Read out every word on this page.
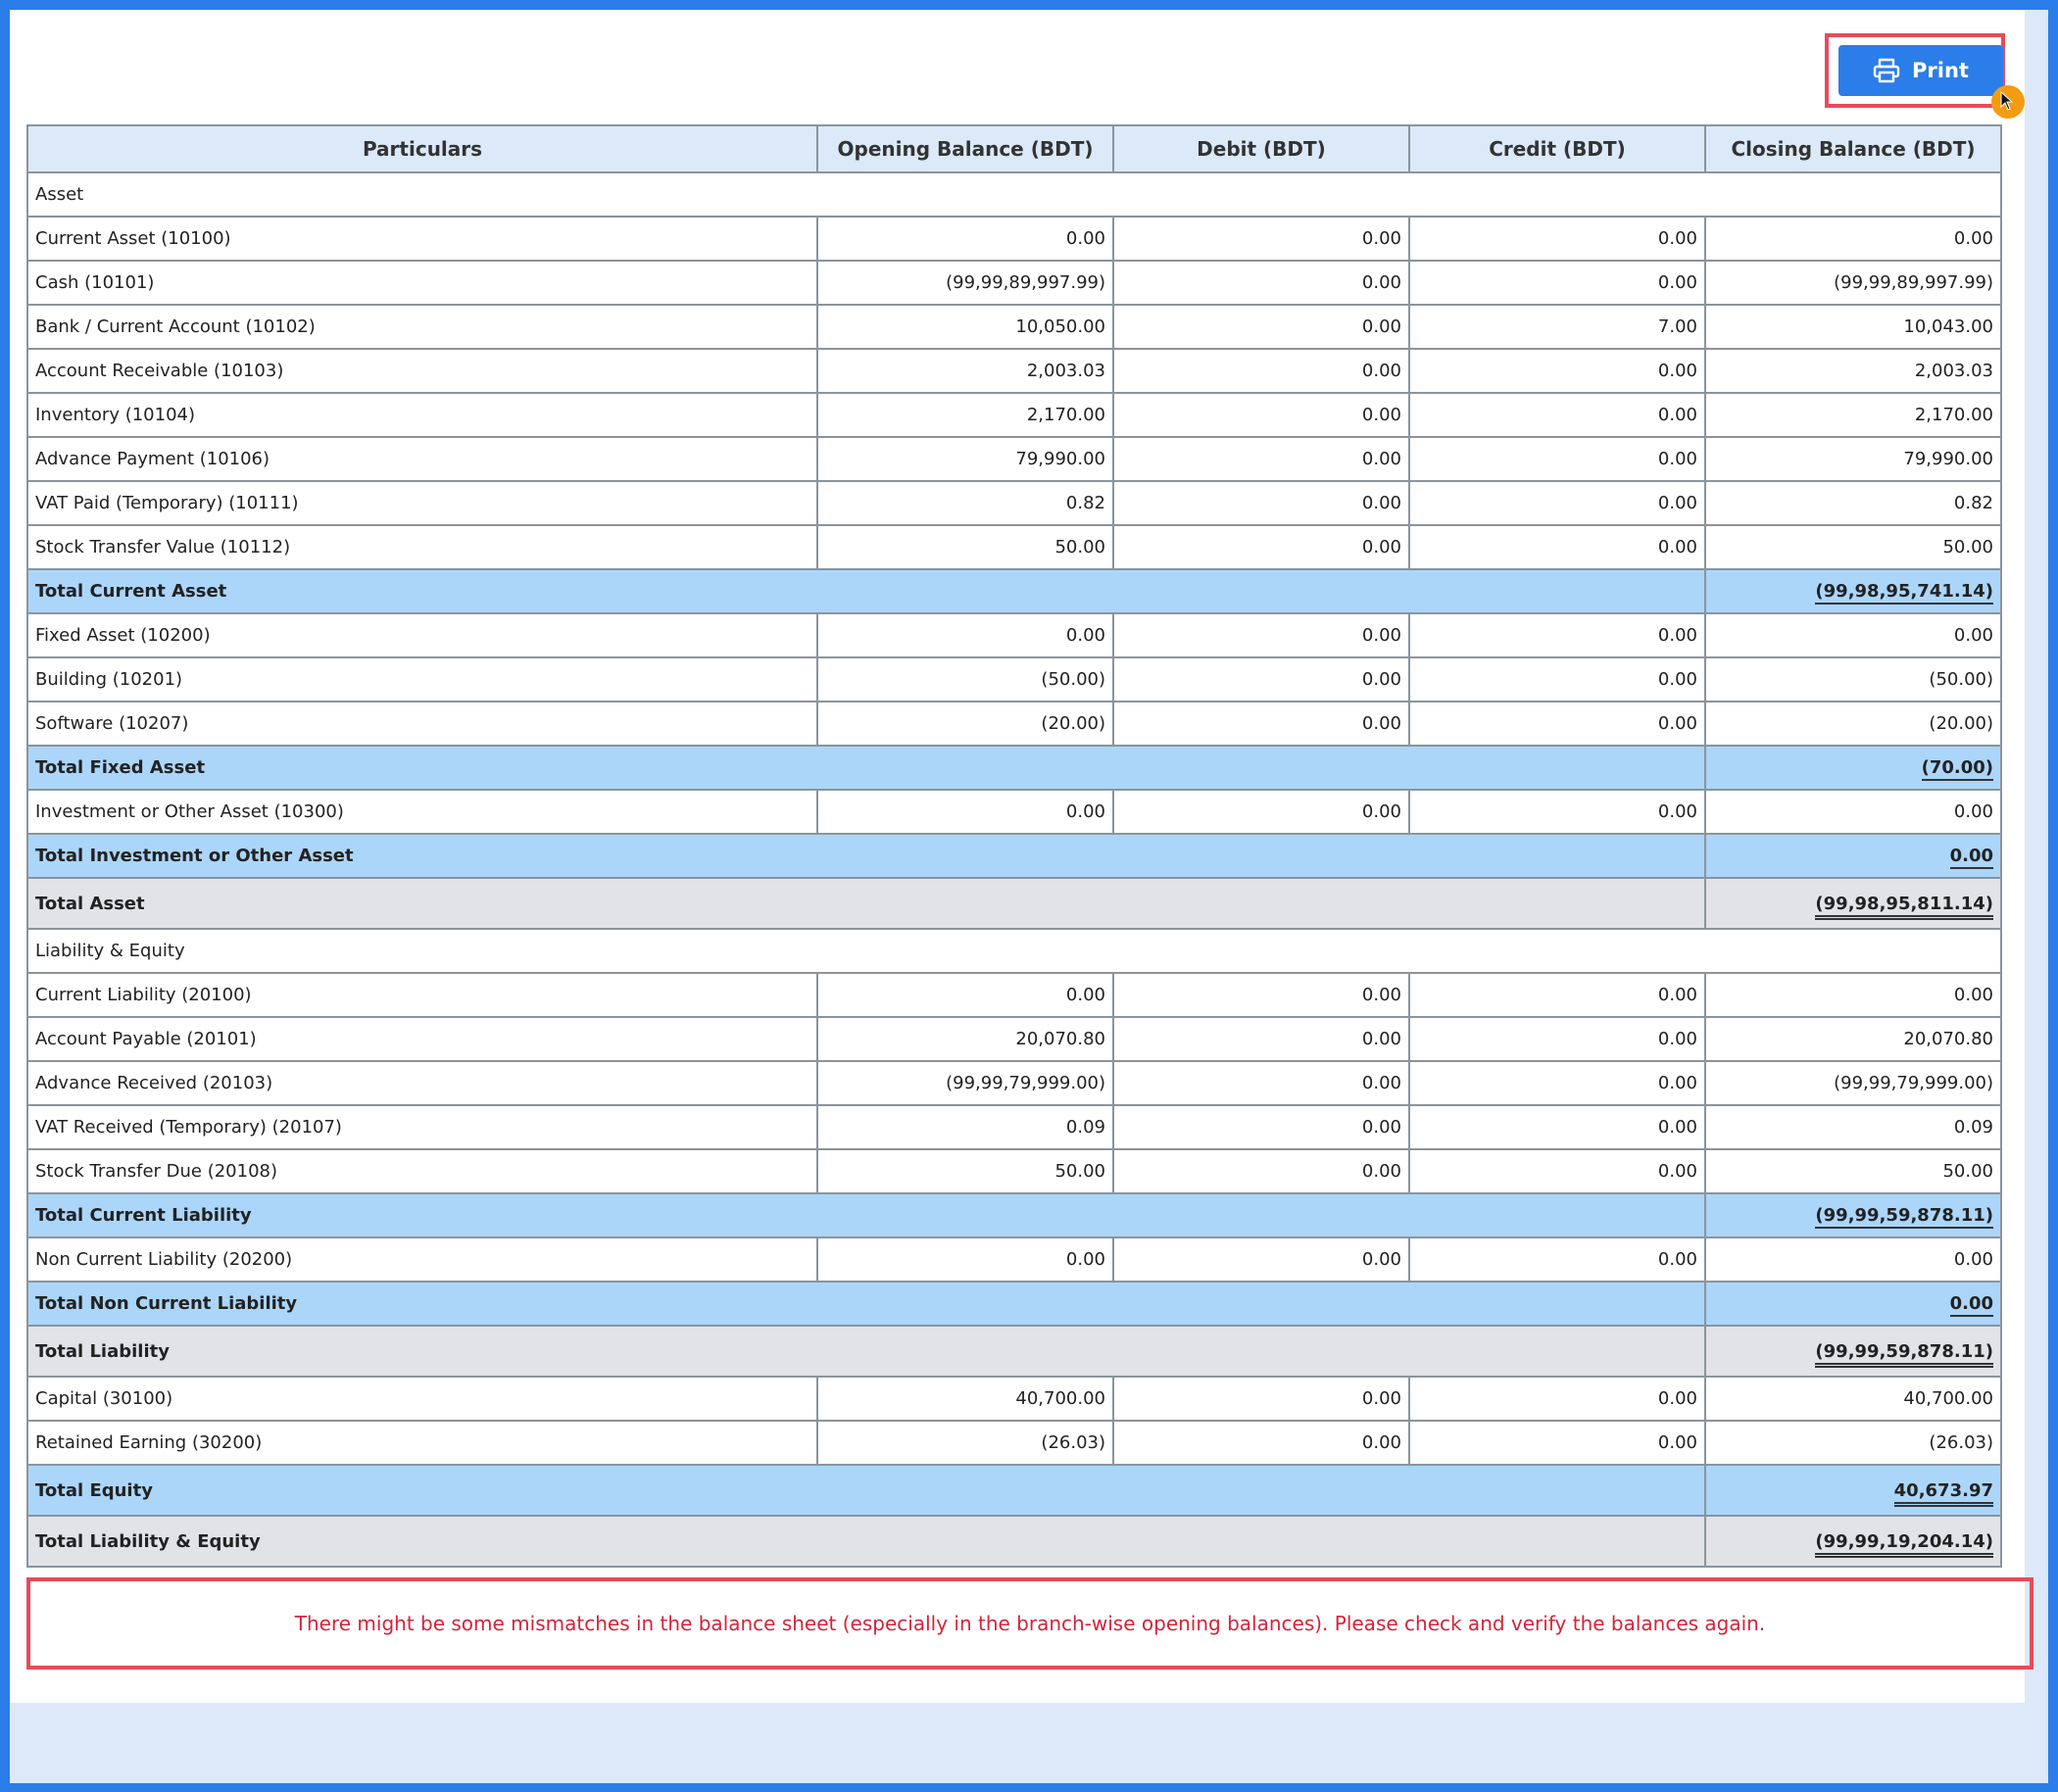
Print
Particulars	Opening Balance (BDT)	Debit (BDT)	Credit (BDT)	Closing Balance (BDT)
Asset				
Current Asset (10100)	0.00	0.00	0.00	0.00
Cash (10101)	(99,99,89,997.99)	0.00	0.00	(99,99,89,997.99)
Bank / Current Account (10102)	10,050.00	0.00	7.00	10,043.00
Account Receivable (10103)	2,003.03	0.00	0.00	2,003.03
Inventory (10104)	2,170.00	0.00	0.00	2,170.00
Advance Payment (10106)	79,990.00	0.00	0.00	79,990.00
VAT Paid (Temporary) (10111)	0.82	0.00	0.00	0.82
Stock Transfer Value (10112)	50.00	0.00	0.00	50.00
Total Current Asset				(99,98,95,741.14)
Fixed Asset (10200)	0.00	0.00	0.00	0.00
Building (10201)	(50.00)	0.00	0.00	(50.00)
Software (10207)	(20.00)	0.00	0.00	(20.00)
Total Fixed Asset				(70.00)
Investment or Other Asset (10300)	0.00	0.00	0.00	0.00
Total Investment or Other Asset				0.00
Total Asset				(99,98,95,811.14)
Liability & Equity				
Current Liability (20100)	0.00	0.00	0.00	0.00
Account Payable (20101)	20,070.80	0.00	0.00	20,070.80
Advance Received (20103)	(99,99,79,999.00)	0.00	0.00	(99,99,79,999.00)
VAT Received (Temporary) (20107)	0.09	0.00	0.00	0.09
Stock Transfer Due (20108)	50.00	0.00	0.00	50.00
Total Current Liability				(99,99,59,878.11)
Non Current Liability (20200)	0.00	0.00	0.00	0.00
Total Non Current Liability				0.00
Total Liability				(99,99,59,878.11)
Capital (30100)	40,700.00	0.00	0.00	40,700.00
Retained Earning (30200)	(26.03)	0.00	0.00	(26.03)
Total Equity				40,673.97
Total Liability & Equity				(99,99,19,204.14)
There might be some mismatches in the balance sheet (especially in the branch-wise opening balances). Please check and verify the balances again.
